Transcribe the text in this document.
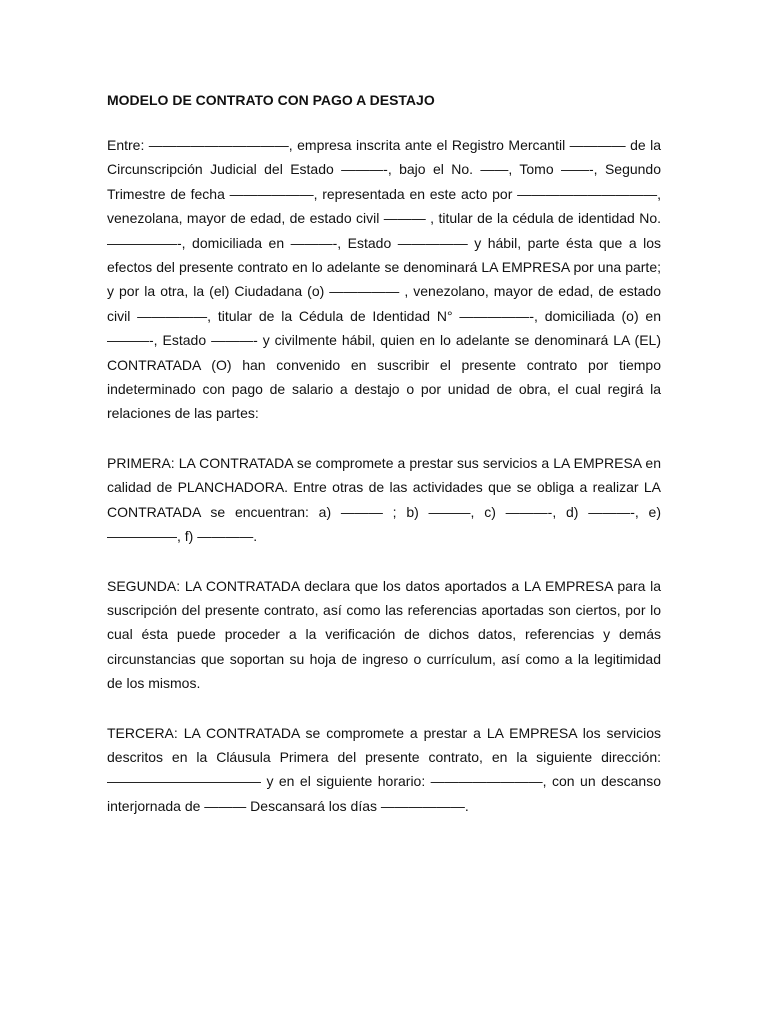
MODELO DE CONTRATO CON PAGO A DESTAJO

Entre: ——————————, empresa inscrita ante el Registro Mercantil ———— de la Circunscripción Judicial del Estado ———-, bajo el No. ——, Tomo ——-, Segundo Trimestre de fecha ——————, representada en este acto por ——————————, venezolana, mayor de edad, de estado civil ——— , titular de la cédula de identidad No. —————-, domiciliada en ———-, Estado ————— y hábil, parte ésta que a los efectos del presente contrato en lo adelante se denominará LA EMPRESA por una parte; y por la otra, la (el) Ciudadana (o) ————— , venezolano, mayor de edad, de estado civil —————, titular de la Cédula de Identidad N° —————-, domiciliada (o) en ———-, Estado ———- y civilmente hábil, quien en lo adelante se denominará LA (EL) CONTRATADA (O) han convenido en suscribir el presente contrato por tiempo indeterminado con pago de salario a destajo o por unidad de obra, el cual regirá la relaciones de las partes:

PRIMERA: LA CONTRATADA se compromete a prestar sus servicios a LA EMPRESA en calidad de PLANCHADORA. Entre otras de las actividades que se obliga a realizar LA CONTRATADA se encuentran: a) ——— ; b) ———, c) ———-, d) ———-, e) —————, f) ————.

SEGUNDA: LA CONTRATADA declara que los datos aportados a LA EMPRESA para la suscripción del presente contrato, así como las referencias aportadas son ciertos, por lo cual ésta puede proceder a la verificación de dichos datos, referencias y demás circunstancias que soportan su hoja de ingreso o currículum, así como a la legitimidad de los mismos.

TERCERA: LA CONTRATADA se compromete a prestar a LA EMPRESA los servicios descritos en la Cláusula Primera del presente contrato, en la siguiente dirección: ——————————— y en el siguiente horario: ————————, con un descanso interjornada de ——— Descansará los días ——————.
